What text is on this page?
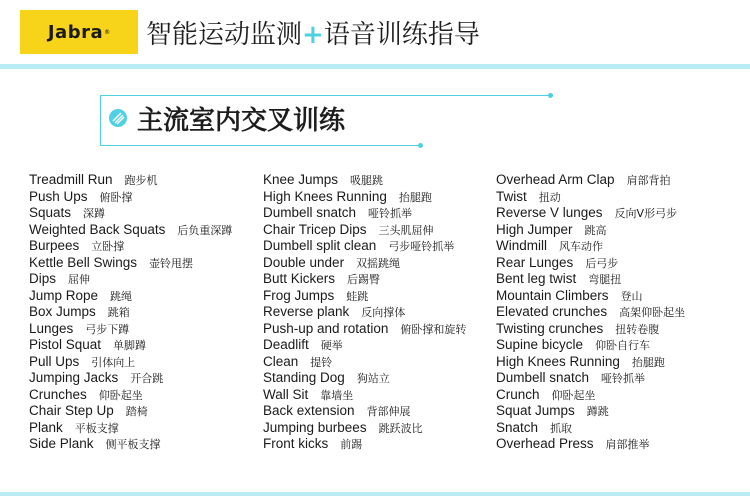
Jabra ® 智能运动监测+语音训练指导
主流室内交叉训练
Treadmill Run 跑步机
Push Ups 俯卧撑
Squats 深蹲
Weighted Back Squats 后负重深蹲
Burpees 立卧撑
Kettle Bell Swings 壶铃甩摆
Dips 屈伸
Jump Rope 跳绳
Box Jumps 跳箱
Lunges 弓步下蹲
Pistol Squat 单脚蹲
Pull Ups 引体向上
Jumping Jacks 开合跳
Crunches 仰卧起坐
Chair Step Up 踏椅
Plank 平板支撑
Side Plank 侧平板支撑
Knee Jumps 吸腿跳
High Knees Running 抬腿跑
Dumbell snatch 哑铃抓举
Chair Tricep Dips 三头肌屈伸
Dumbell split clean 弓步哑铃抓举
Double under 双摇跳绳
Butt Kickers 后踢臀
Frog Jumps 蛙跳
Reverse plank 反向撑体
Push-up and rotation 俯卧撑和旋转
Deadlift 硬举
Clean 提铃
Standing Dog 狗站立
Wall Sit 靠墙坐
Back extension 背部伸展
Jumping burbees 跳跃波比
Front kicks 前踢
Overhead Arm Clap 肩部背拍
Twist 扭动
Reverse V lunges 反向V形弓步
High Jumper 跳高
Windmill 风车动作
Rear Lunges 后弓步
Bent leg twist 弯腿扭
Mountain Climbers 登山
Elevated crunches 高架仰卧起坐
Twisting crunches 扭转卷腹
Supine bicycle 仰卧自行车
High Knees Running 抬腿跑
Dumbell snatch 哑铃抓举
Crunch 仰卧起坐
Squat Jumps 蹲跳
Snatch 抓取
Overhead Press 肩部推举
